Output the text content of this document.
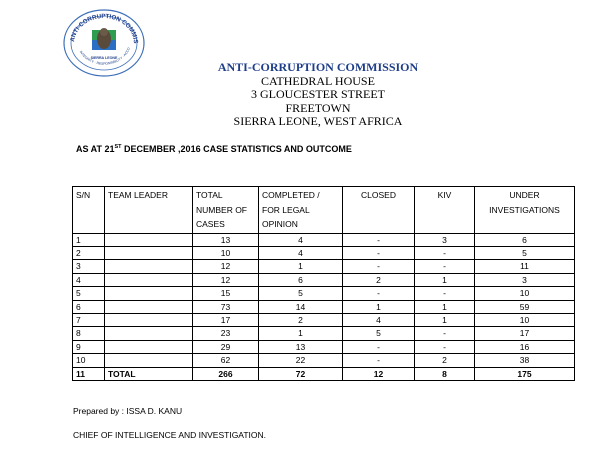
ANTI-CORRUPTION COMMIS
INTEGRITY · RESPONSIBILITY · ACCO
SIERRA LEONE
ANTI-CORRUPTION COMMISSION
CATHEDRAL HOUSE
3 GLOUCESTER STREET
FREETOWN
SIERRA LEONE, WEST AFRICA
AS AT 21ST DECEMBER ,2016 CASE STATISTICS AND OUTCOME
S/N	TEAM LEADER	TOTAL NUMBER OF CASES	COMPLETED / FOR LEGAL OPINION	CLOSED	KIV	UNDER INVESTIGATIONS
1		13	4	-	3	6
2		10	4	-	-	5
3		12	1	-	-	11
4		12	6	2	1	3
5		15	5	-	-	10
6		73	14	1	1	59
7		17	2	4	1	10
8		23	1	5	-	17
9		29	13	-	-	16
10		62	22	-	2	38
11	TOTAL	266	72	12	8	175
Prepared by : ISSA D. KANU
CHIEF OF INTELLIGENCE AND INVESTIGATION.
